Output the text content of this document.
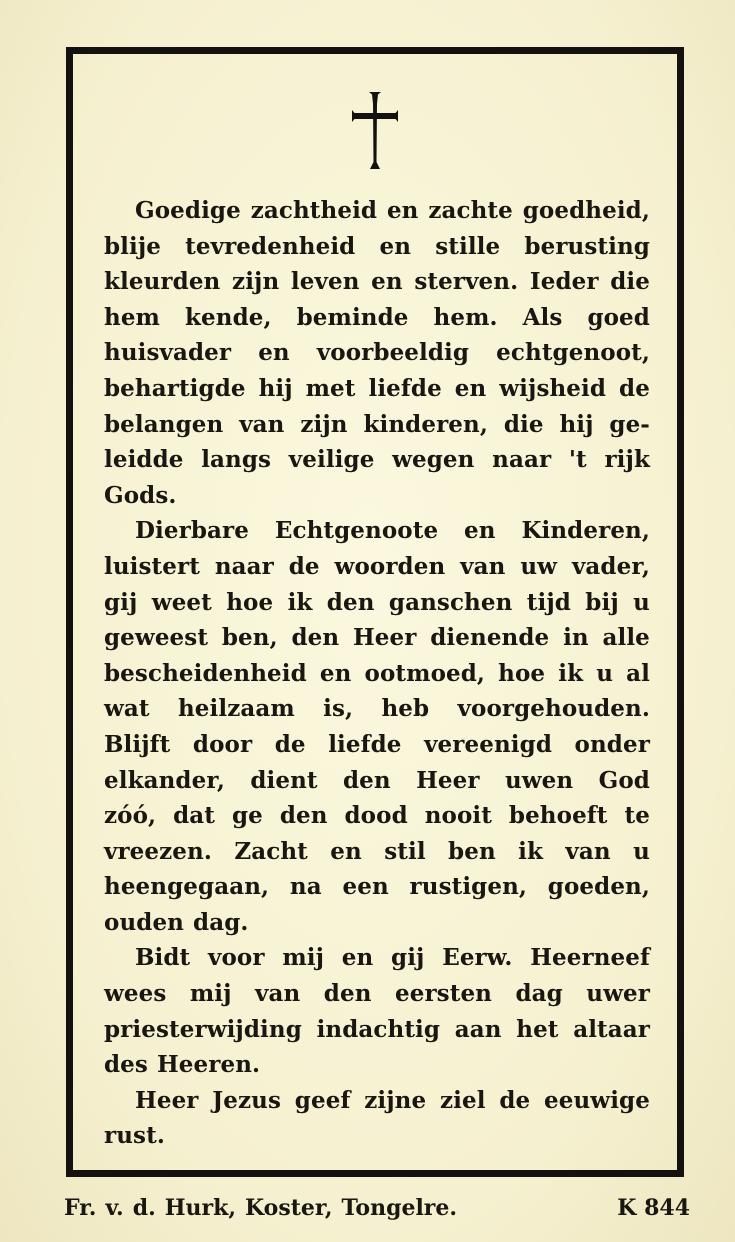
Goedige zachtheid en zachte goedheid,
blije tevredenheid en stille berusting
kleurden zijn leven en sterven. Ieder die
hem kende, beminde hem. Als goed
huisvader en voorbeeldig echtgenoot,
behartigde hij met liefde en wijsheid de
belangen van zijn kinderen, die hij ge-
leidde langs veilige wegen naar 't rijk
Gods.
Dierbare Echtgenoote en Kinderen,
luistert naar de woorden van uw vader,
gij weet hoe ik den ganschen tijd bij u
geweest ben, den Heer dienende in alle
bescheidenheid en ootmoed, hoe ik u al
wat heilzaam is, heb voorgehouden.
Blijft door de liefde vereenigd onder
elkander, dient den Heer uwen God
zóó, dat ge den dood nooit behoeft te
vreezen. Zacht en stil ben ik van u
heengegaan, na een rustigen, goeden,
ouden dag.
Bidt voor mij en gij Eerw. Heerneef
wees mij van den eersten dag uwer
priesterwijding indachtig aan het altaar
des Heeren.
Heer Jezus geef zijne ziel de eeuwige
rust.
Fr. v. d. Hurk, Koster, Tongelre.	K 844
